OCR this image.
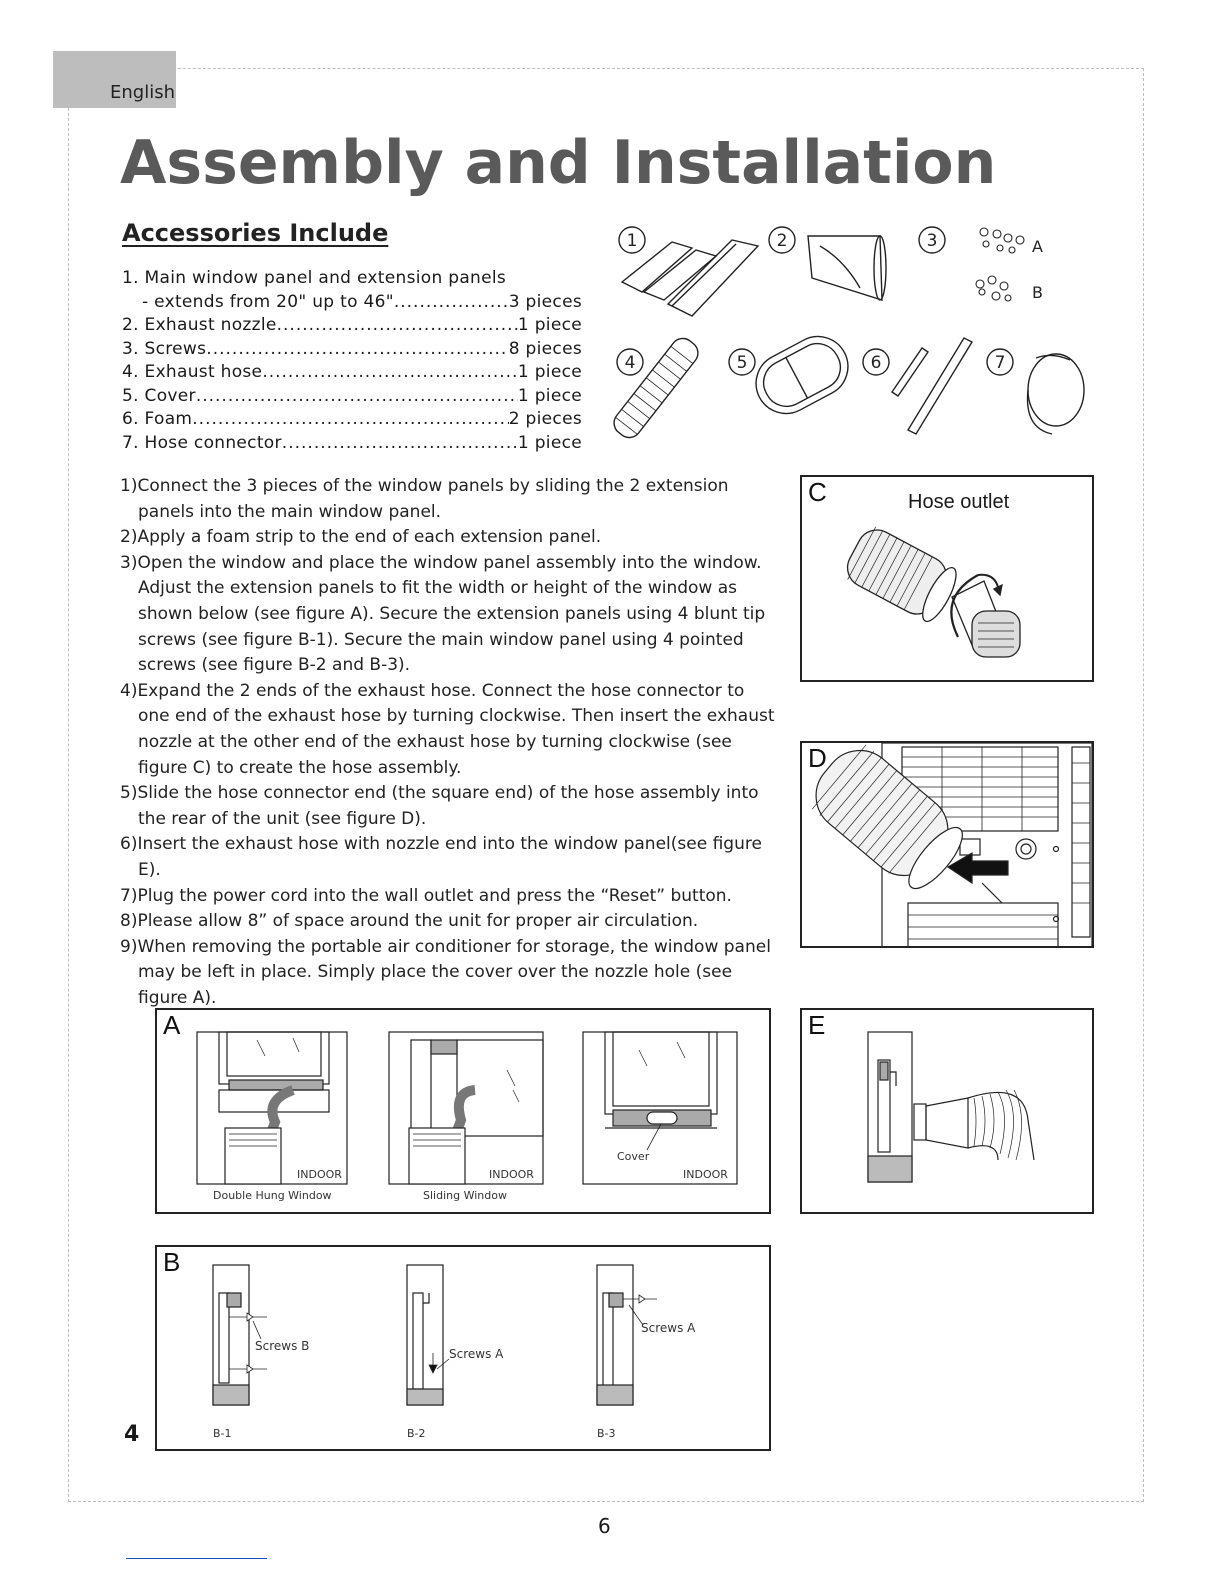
English
Assembly and Installation
Accessories Include
1. Main window panel and extension panels
- extends from 20" up to 46" .....	3 pieces
2. Exhaust nozzle .....	1 piece
3. Screws .....	8 pieces
4. Exhaust hose .....	1 piece
5. Cover .....	1 piece
6. Foam .....	2 pieces
7. Hose connector .....	1 piece
1	2	3
4	5	6	7
A
B
1)Connect the 3 pieces of the window panels by sliding the 2 extension panels into the main window panel.
2)Apply a foam strip to the end of each extension panel.
3)Open the window and place the window panel assembly into the window. Adjust the extension panels to fit the width or height of the window as shown below (see figure A). Secure the extension panels using 4 blunt tip screws (see figure B-1). Secure the main window panel using 4 pointed screws (see figure B-2 and B-3).
4)Expand the 2 ends of the exhaust hose. Connect the hose connector to one end of the exhaust hose by turning clockwise. Then insert the exhaust nozzle at the other end of the exhaust hose by turning clockwise (see figure C) to create the hose assembly.
5)Slide the hose connector end (the square end) of the hose assembly into the rear of the unit (see figure D).
6)Insert the exhaust hose with nozzle end into the window panel(see figure E).
7)Plug the power cord into the wall outlet and press the “Reset” button.
8)Please allow 8” of space around the unit for proper air circulation.
9)When removing the portable air conditioner for storage, the window panel may be left in place. Simply place the cover over the nozzle hole (see figure A).
C	Hose outlet
D
A
INDOOR	INDOOR	INDOOR
Cover
Double Hung Window	Sliding Window
E
B
Screws B
Screws A
Screws A
B-1	B-2	B-3
4
6
